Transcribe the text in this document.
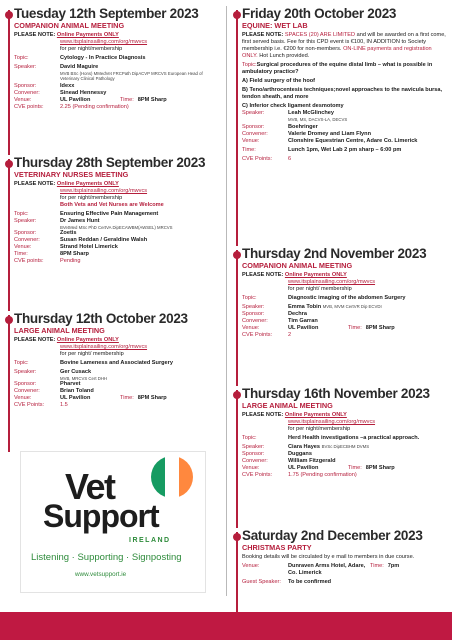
Tuesday 12th September 2023
COMPANION ANIMAL MEETING
PLEASE NOTE: Online Payments ONLY
www.itsplainsailing.com/org/mwvcs
for per night/membership
Topic:	Cytology - In Practice Diagnosis
Speaker:	David Maguire
MVB BSc (Hons) MMedVet FRCPath DipACVP MRCVS European Head of Veterinary Clinical Pathology
Sponsor:	Idexx
Convener:	Sinead Hennessy
Venue:	UL Pavilion	Time: 8PM Sharp
CVE points:	2.25 (Pending confirmation)
Thursday 28th September 2023
VETERINARY NURSES MEETING
PLEASE NOTE: Online Payments ONLY
www.itsplainsailing.com/org/mwvcs
for per night/membership
Both Vets and Vet Nurses are Welcome
Topic:	Ensuring Effective Pain Management
Speaker:	Dr James Hunt
BVetMed MSc PhD CertVA DipECAWBM(AWSEL) MRCVS
Sponsor:	Zoetis
Convener:	Susan Reddan / Geraldine Walsh
Venue:	Strand Hotel Limerick
Time:	8PM Sharp
CVE points:	Pending
Thursday 12th October 2023
LARGE ANIMAL MEETING
PLEASE NOTE: Online Payments ONLY
www.itsplainsailing.com/org/mwvcs
for per night/ membership
Topic:	Bovine Lameness and Associated Surgery
Speaker:	Ger Cusack
MVB, MRCVS Cert DHH
Sponsor:	Pharvet
Convener:	Brian Toland
Venue:	UL Pavilion	Time: 8PM Sharp
CVE Points:	1.5
Vet
Support
IRELAND
Listening · Supporting · Signposting
www.vetsupport.ie
Friday 20th October 2023
EQUINE: WET LAB
PLEASE NOTE: SPACES (20) ARE LIMITED and will be awarded on a first come, first served basis. Fee for this CPD event is €100, IN ADDITION to Society membership i.e. €200 for non-members. ON-LINE payments and registration ONLY. Hot Lunch provided.
Topic:Surgical procedures of the equine distal limb – what is possible in ambulatory practice?
A) Field surgery of the hoof
B) Teno/arthrocentesis techniques;novel approaches to the navicula bursa, tendon sheath, and more
C) Inferior check ligament desmotomy
Speaker:	Leah McGlinchey
MVB, MS, DACVS-LA, DECVS
Sponsor:	Boehringer
Convener:	Valerie Dromey and Liam Flynn
Venue:	Clonshire Equestrian Centre, Adare Co. Limerick
Time:	Lunch 1pm, Wet Lab 2 pm sharp – 6:00 pm
CVE Points:	6
Thursday 2nd November 2023
COMPANION ANIMAL MEETING
PLEASE NOTE: Online Payments ONLY
www.itsplainsailing.com/org/mwvcs
for per night/ membership
Topic:	Diagnostic imaging of the abdomen Surgery
Speaker:	Emma Tobin MVB, MVM CertVR Dip ECVDI
Sponsor:	Dechra
Convener:	Tim Garran
Venue:	UL Pavilion	Time: 8PM Sharp
CVE Points:	2
Thursday 16th November 2023
LARGE ANIMAL MEETING
PLEASE NOTE: Online Payments ONLY
www.itsplainsailing.com/org/mwvcs
for per night/membership
Topic:	Herd Health investigations –a practical approach.
Speaker:	Ciara Hayes BVSc DipECBHM DVMS
Sponsor:	Duggans
Convener:	William Fitzgerald
Venue:	UL Pavilion	Time: 8PM Sharp
CVE Points:	1.75 (Pending confirmation)
Saturday 2nd December 2023
CHRISTMAS PARTY
Booking details will be circulated by e mail to members in due course.
Venue:	Dunraven Arms Hotel, Adare, Co. Limerick
Time: 7pm
Guest Speaker:	To be confirmed
